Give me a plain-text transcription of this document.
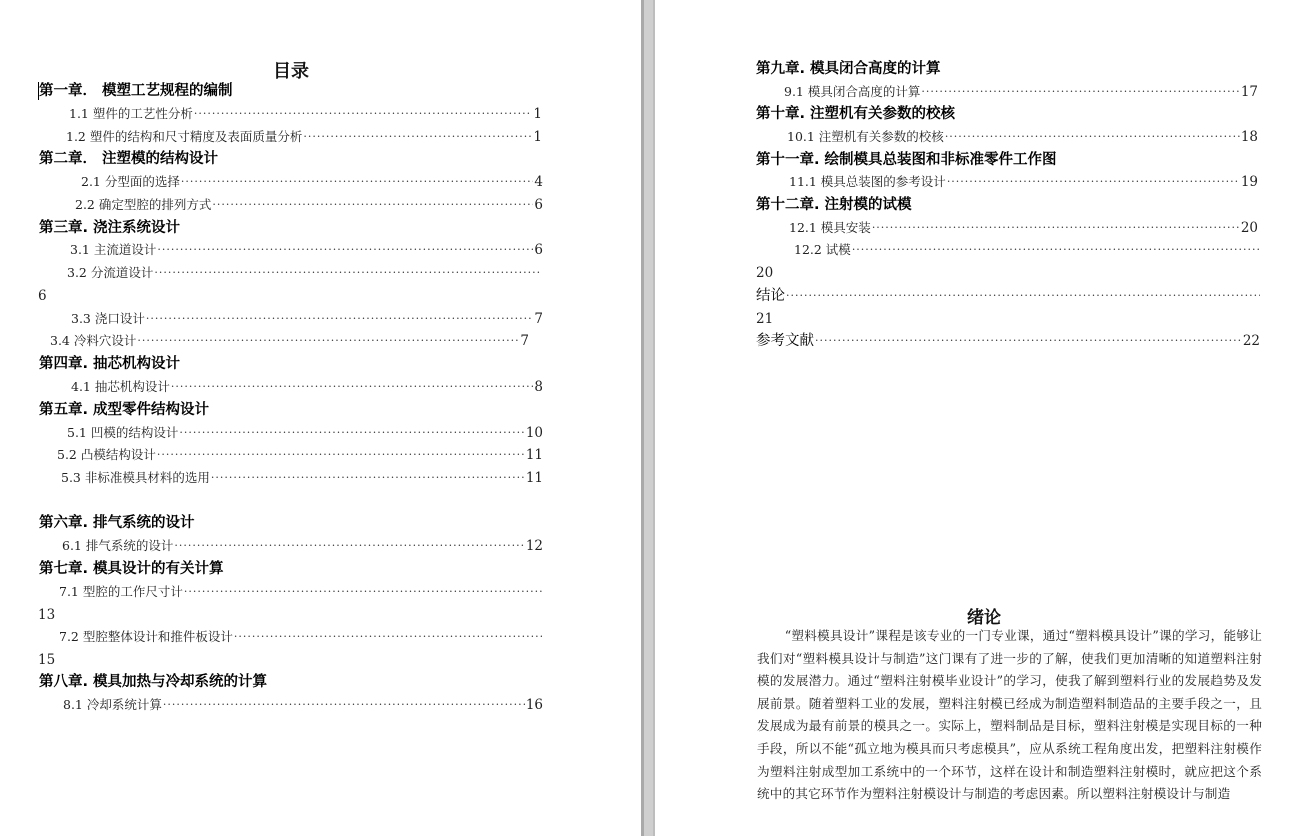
目录
第一章． 模塑工艺规程的编制
1.1 塑件的工艺性分析 ·····	1
1.2 塑件的结构和尺寸精度及表面质量分析 ·····	1
第二章． 注塑模的结构设计
2.1 分型面的选择 ·····	4
2.2 确定型腔的排列方式 ·····	6
第三章. 浇注系统设计
3.1 主流道设计 ·····	6
3.2 分流道设计
·····
6
3.3 浇口设计 ·····	7
3.4 冷料穴设计 ·····	7
第四章. 抽芯机构设计
4.1 抽芯机构设计 ·····	8
第五章. 成型零件结构设计
5.1 凹模的结构设计 ·····	10
5.2 凸模结构设计 ·····	11
5.3 非标准模具材料的选用 ·····	11
第六章. 排气系统的设计
6.1 排气系统的设计 ·····	12
第七章. 模具设计的有关计算
7.1 型腔的工作尺寸计
·····
13
7.2 型腔整体设计和推件板设计
·····
15
第八章. 模具加热与冷却系统的计算
8.1 冷却系统计算 ·····	16
第九章. 模具闭合高度的计算
9.1 模具闭合高度的计算 ·····	17
第十章. 注塑机有关参数的校核
10.1 注塑机有关参数的校核 ·····	18
第十一章. 绘制模具总装图和非标准零件工作图
11.1 模具总装图的参考设计 ·····	19
第十二章. 注射模的试模
12.1 模具安装 ·····	20
12.2 试模
·····
20
结论
·····
21
参考文献 ·····	22
绪论
“塑料模具设计”课程是该专业的一门专业课，通过“塑料模具设计”课的学习，能够让我们对“塑料模具设计与制造”这门课有了进一步的了解，使我们更加清晰的知道塑料注射模的发展潜力。通过“塑料注射模毕业设计”的学习，使我了解到塑料行业的发展趋势及发展前景。随着塑料工业的发展，塑料注射模已经成为制造塑料制造品的主要手段之一，且发展成为最有前景的模具之一。实际上，塑料制品是目标，塑料注射模是实现目标的一种手段，所以不能“孤立地为模具而只考虑模具”，应从系统工程角度出发，把塑料注射模作为塑料注射成型加工系统中的一个环节，这样在设计和制造塑料注射模时，就应把这个系统中的其它环节作为塑料注射模设计与制造的考虑因素。所以塑料注射模设计与制造
